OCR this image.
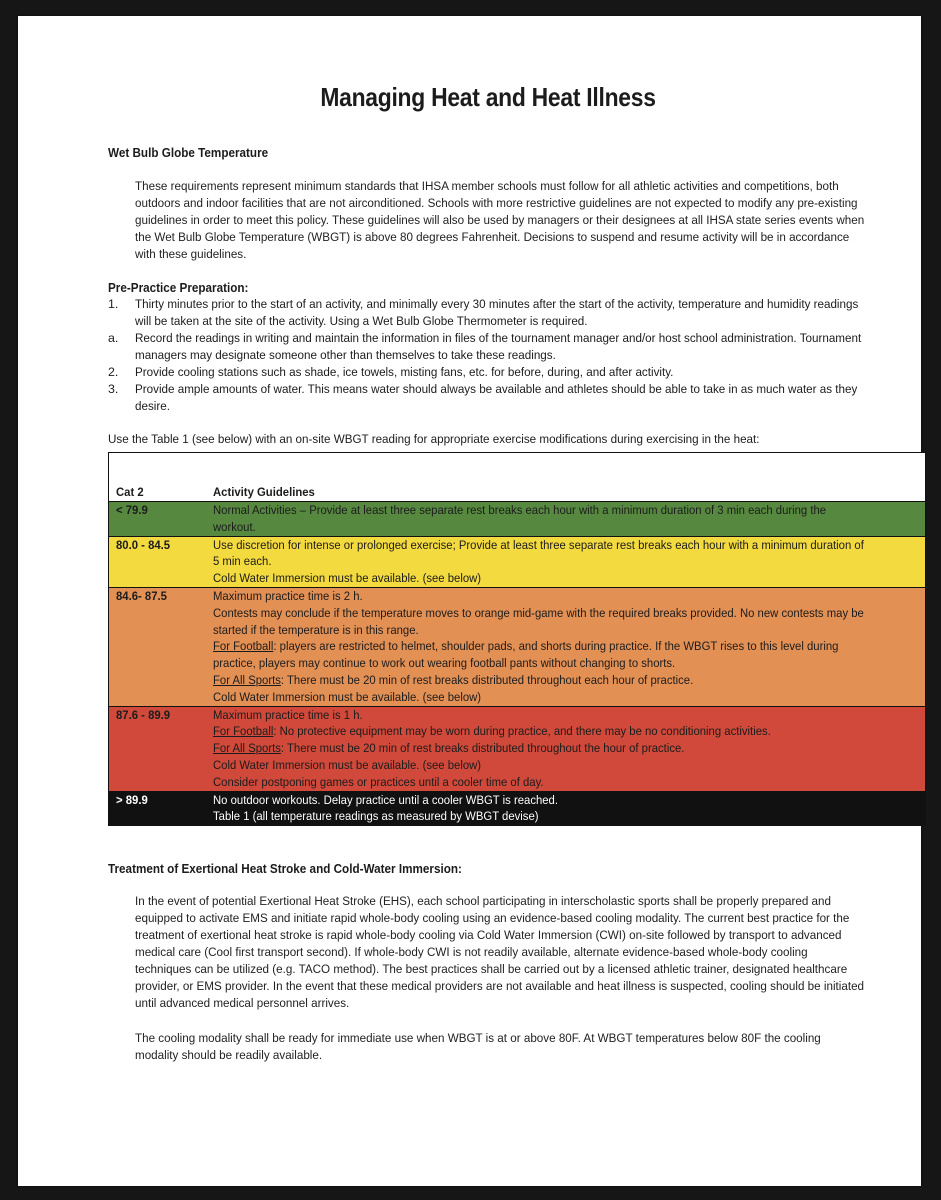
Managing Heat and Heat Illness
Wet Bulb Globe Temperature
These requirements represent minimum standards that IHSA member schools must follow for all athletic activities and competitions, both outdoors and indoor facilities that are not airconditioned. Schools with more restrictive guidelines are not expected to modify any pre-existing guidelines in order to meet this policy. These guidelines will also be used by managers or their designees at all IHSA state series events when the Wet Bulb Globe Temperature (WBGT) is above 80 degrees Fahrenheit. Decisions to suspend and resume activity will be in accordance with these guidelines.
Pre-Practice Preparation:
1.	Thirty minutes prior to the start of an activity, and minimally every 30 minutes after the start of the activity, temperature and humidity readings will be taken at the site of the activity. Using a Wet Bulb Globe Thermometer is required.
a.	Record the readings in writing and maintain the information in files of the tournament manager and/or host school administration. Tournament managers may designate someone other than themselves to take these readings.
2.	Provide cooling stations such as shade, ice towels, misting fans, etc. for before, during, and after activity.
3.	Provide ample amounts of water. This means water should always be available and athletes should be able to take in as much water as they desire.
Use the Table 1 (see below) with an on-site WBGT reading for appropriate exercise modifications during exercising in the heat:
Cat 2	Activity Guidelines

< 79.9	Normal Activities – Provide at least three separate rest breaks each hour with a minimum duration of 3 min each during the workout.

80.0 - 84.5	Use discretion for intense or prolonged exercise; Provide at least three separate rest breaks each hour with a minimum duration of 5 min each.
Cold Water Immersion must be available. (see below)

84.6- 87.5	Maximum practice time is 2 h.
Contests may conclude if the temperature moves to orange mid-game with the required breaks provided. No new contests may be started if the temperature is in this range.
For Football: players are restricted to helmet, shoulder pads, and shorts during practice. If the WBGT rises to this level during practice, players may continue to work out wearing football pants without changing to shorts.
For All Sports: There must be 20 min of rest breaks distributed throughout each hour of practice.
Cold Water Immersion must be available. (see below)

87.6 - 89.9	Maximum practice time is 1 h.
For Football: No protective equipment may be worn during practice, and there may be no conditioning activities.
For All Sports: There must be 20 min of rest breaks distributed throughout the hour of practice.
Cold Water Immersion must be available. (see below)
Consider postponing games or practices until a cooler time of day.

> 89.9	No outdoor workouts. Delay practice until a cooler WBGT is reached.
Table 1 (all temperature readings as measured by WBGT devise)
Treatment of Exertional Heat Stroke and Cold-Water Immersion:
In the event of potential Exertional Heat Stroke (EHS), each school participating in interscholastic sports shall be properly prepared and equipped to activate EMS and initiate rapid whole-body cooling using an evidence-based cooling modality. The current best practice for the treatment of exertional heat stroke is rapid whole-body cooling via Cold Water Immersion (CWI) on-site followed by transport to advanced medical care (Cool first transport second). If whole-body CWI is not readily available, alternate evidence-based whole-body cooling techniques can be utilized (e.g. TACO method). The best practices shall be carried out by a licensed athletic trainer, designated healthcare provider, or EMS provider. In the event that these medical providers are not available and heat illness is suspected, cooling should be initiated until advanced medical personnel arrives.
The cooling modality shall be ready for immediate use when WBGT is at or above 80F. At WBGT temperatures below 80F the cooling modality should be readily available.
